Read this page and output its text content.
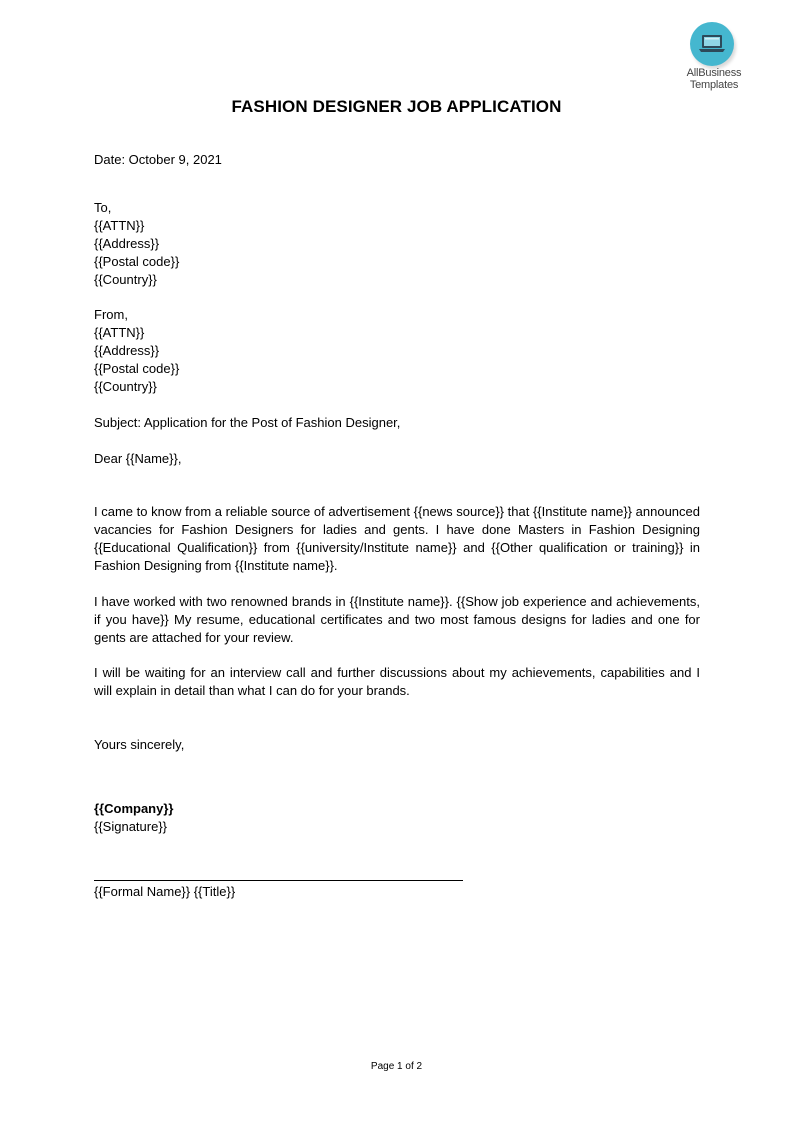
AllBusiness
Templates
FASHION DESIGNER JOB APPLICATION
Date: October 9, 2021
To,
{{ATTN}}
{{Address}}
{{Postal code}}
{{Country}}
From,
{{ATTN}}
{{Address}}
{{Postal code}}
{{Country}}
Subject: Application for the Post of Fashion Designer,
Dear {{Name}},
I came to know from a reliable source of advertisement {{news source}} that {{Institute name}} announced vacancies for Fashion Designers for ladies and gents. I have done Masters in Fashion Designing {{Educational Qualification}} from {{university/Institute name}} and {{Other qualification or training}} in Fashion Designing from {{Institute name}}.
I have worked with two renowned brands in {{Institute name}}. {{Show job experience and achievements, if you have}} My resume, educational certificates and two most famous designs for ladies and one for gents are attached for your review.
I will be waiting for an interview call and further discussions about my achievements, capabilities and I will explain in detail than what I can do for your brands.
Yours sincerely,
{{Company}}
{{Signature}}
{{Formal Name}} {{Title}}
Page 1 of 2
